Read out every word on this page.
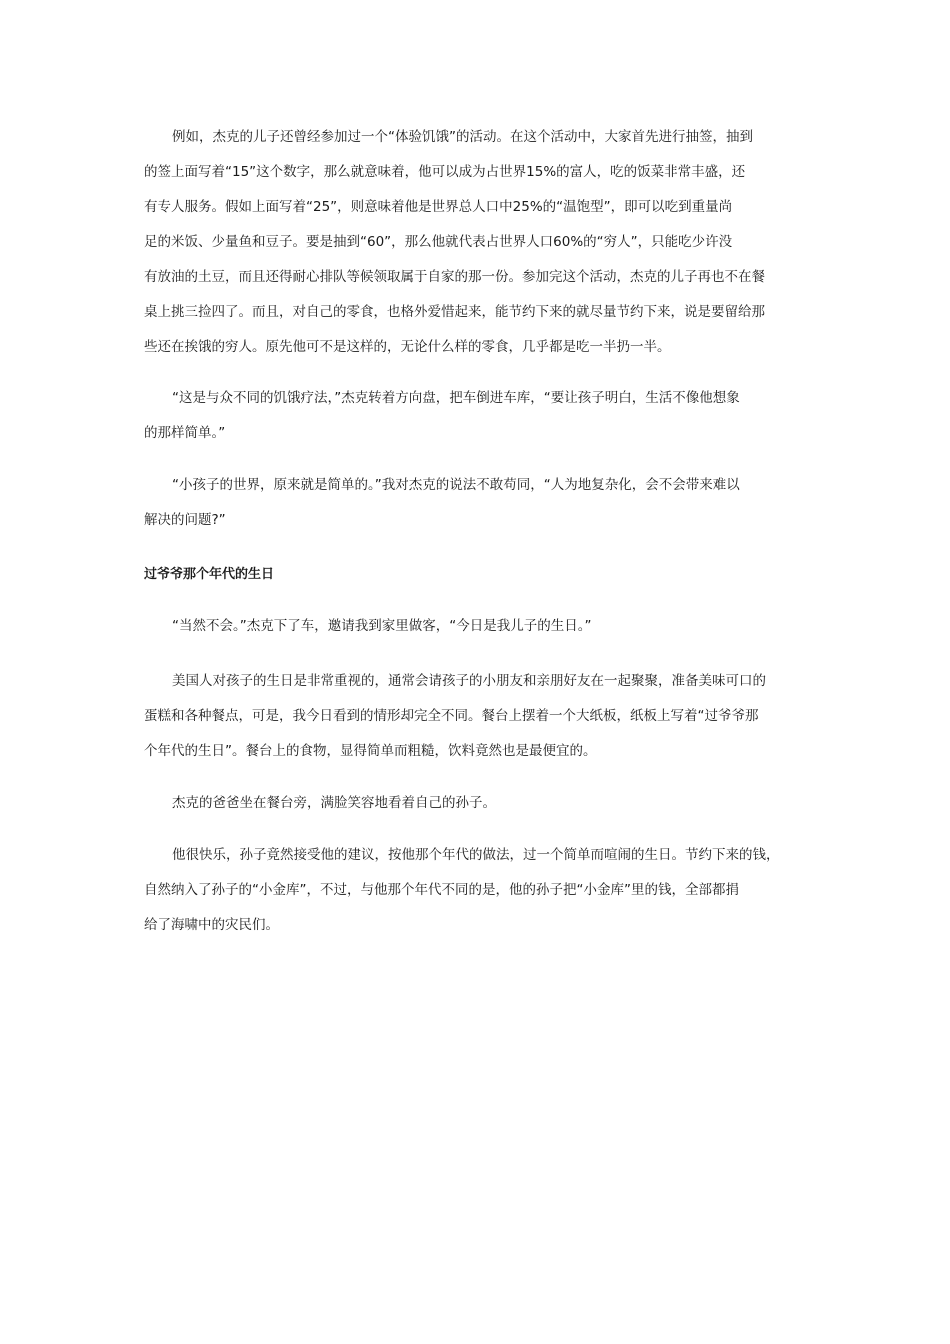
例如，杰克的儿子还曾经参加过一个“体验饥饿”的活动。在这个活动中，大家首先进行抽签，抽到
的签上面写着“15”这个数字，那么就意味着，他可以成为占世界15%的富人，吃的饭菜非常丰盛，还
有专人服务。假如上面写着“25”，则意味着他是世界总人口中25%的“温饱型”，即可以吃到重量尚
足的米饭、少量鱼和豆子。要是抽到“60”，那么他就代表占世界人口60%的“穷人”，只能吃少许没
有放油的土豆，而且还得耐心排队等候领取属于自家的那一份。参加完这个活动，杰克的儿子再也不在餐
桌上挑三捡四了。而且，对自己的零食，也格外爱惜起来，能节约下来的就尽量节约下来，说是要留给那
些还在挨饿的穷人。原先他可不是这样的，无论什么样的零食，几乎都是吃一半扔一半。
“这是与众不同的饥饿疗法，”杰克转着方向盘，把车倒进车库，“要让孩子明白，生活不像他想象
的那样简单。”
“小孩子的世界，原来就是简单的。”我对杰克的说法不敢苟同，“人为地复杂化，会不会带来难以
解决的问题?”
过爷爷那个年代的生日
“当然不会。”杰克下了车，邀请我到家里做客，“今日是我儿子的生日。”
美国人对孩子的生日是非常重视的，通常会请孩子的小朋友和亲朋好友在一起聚聚，准备美味可口的
蛋糕和各种餐点，可是，我今日看到的情形却完全不同。餐台上摆着一个大纸板，纸板上写着“过爷爷那
个年代的生日”。餐台上的食物，显得简单而粗糙，饮料竟然也是最便宜的。
杰克的爸爸坐在餐台旁，满脸笑容地看着自己的孙子。
他很快乐，孙子竟然接受他的建议，按他那个年代的做法，过一个简单而喧闹的生日。节约下来的钱，
自然纳入了孙子的“小金库”，不过，与他那个年代不同的是，他的孙子把“小金库”里的钱，全部都捐
给了海啸中的灾民们。
